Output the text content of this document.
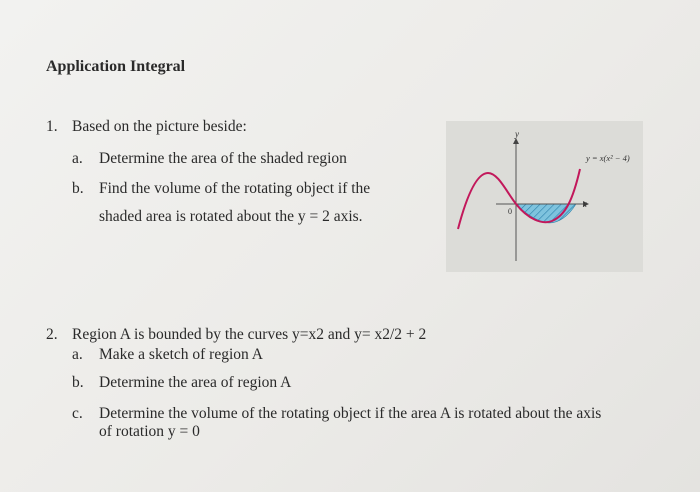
Application Integral
1. Based on the picture beside:
a. Determine the area of the shaded region
b. Find the volume of the rotating object if the
shaded area is rotated about the y = 2 axis.
y
x
0
y = x(x² − 4)
2. Region A is bounded by the curves y=x2 and y= x2/2 + 2
a. Make a sketch of region A
b. Determine the area of region A
c. Determine the volume of the rotating object if the area A is rotated about the axis
of rotation y = 0
